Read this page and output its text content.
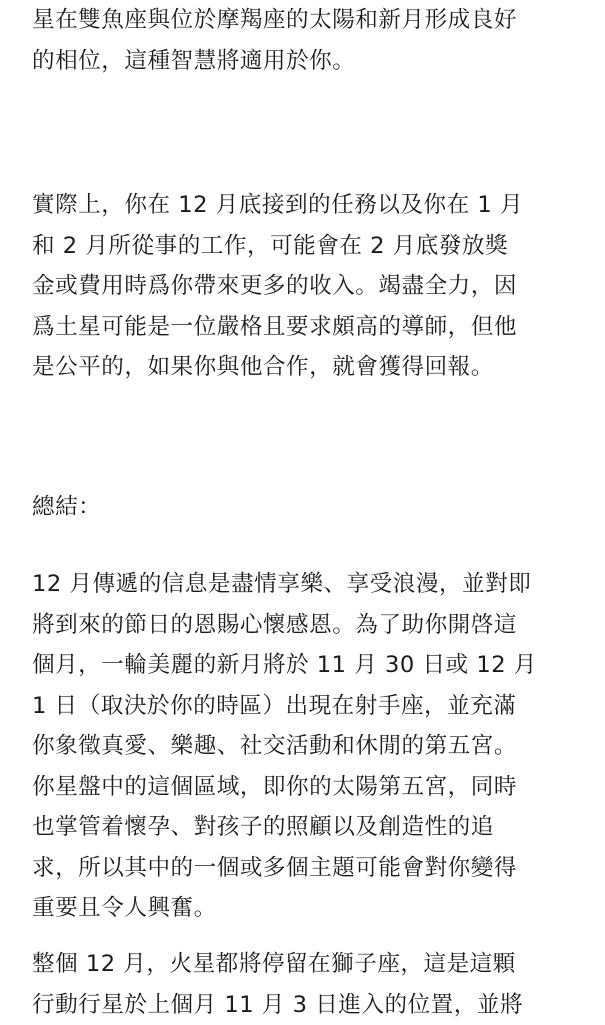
星在雙魚座與位於摩羯座的太陽和新月形成良好
的相位，這種智慧將適用於你。

實際上，你在 12 月底接到的任務以及你在 1 月
和 2 月所從事的工作，可能會在 2 月底發放獎
金或費用時爲你帶來更多的收入。竭盡全力，因
爲土星可能是一位嚴格且要求頗高的導師，但他
是公平的，如果你與他合作，就會獲得回報。

總結：

12 月傳遞的信息是盡情享樂、享受浪漫，並對即
將到來的節日的恩賜心懷感恩。為了助你開啓這
個月，一輪美麗的新月將於 11 月 30 日或 12 月
1 日（取決於你的時區）出現在射手座，並充滿
你象徵真愛、樂趣、社交活動和休閒的第五宮。
你星盤中的這個區域，即你的太陽第五宮，同時
也掌管着懷孕、對孩子的照顧以及創造性的追
求，所以其中的一個或多個主題可能會對你變得
重要且令人興奮。

整個 12 月，火星都將停留在獅子座，這是這顆
行動行星於上個月 11 月 3 日進入的位置，並將
